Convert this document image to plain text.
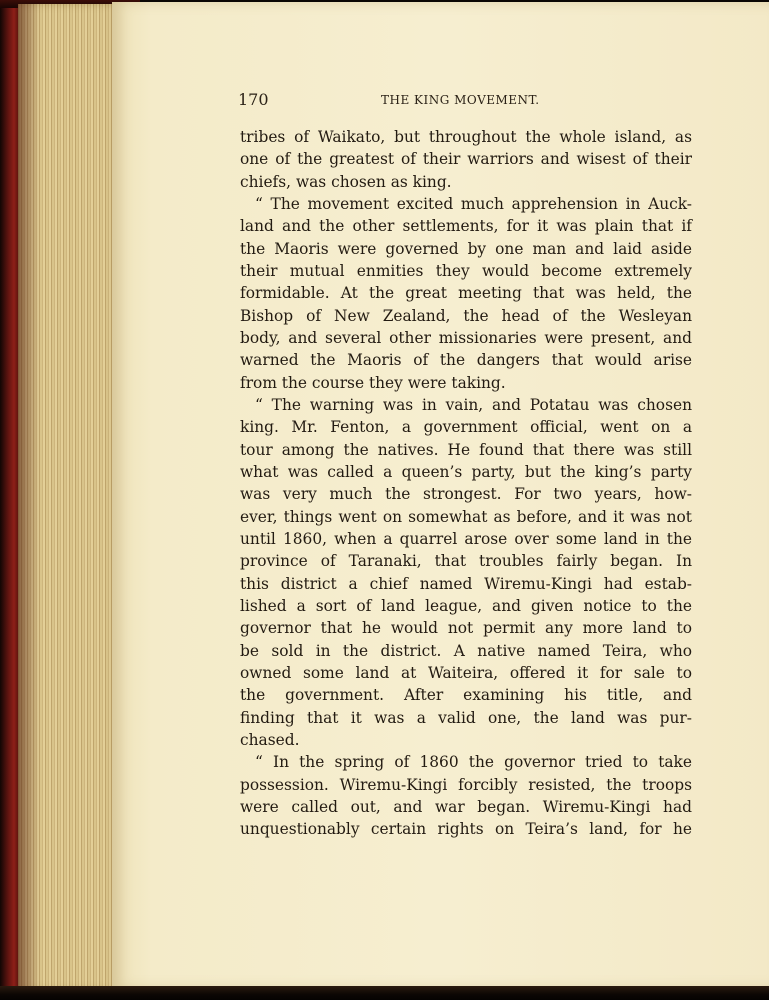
170	THE KING MOVEMENT.
tribes of Waikato, but throughout the whole island, as
one of the greatest of their warriors and wisest of their
chiefs, was chosen as king.
“ The movement excited much apprehension in Auck-
land and the other settlements, for it was plain that if
the Maoris were governed by one man and laid aside
their mutual enmities they would become extremely
formidable. At the great meeting that was held, the
Bishop of New Zealand, the head of the Wesleyan
body, and several other missionaries were present, and
warned the Maoris of the dangers that would arise
from the course they were taking.
“ The warning was in vain, and Potatau was chosen
king. Mr. Fenton, a government official, went on a
tour among the natives. He found that there was still
what was called a queen’s party, but the king’s party
was very much the strongest. For two years, how-
ever, things went on somewhat as before, and it was not
until 1860, when a quarrel arose over some land in the
province of Taranaki, that troubles fairly began. In
this district a chief named Wiremu-Kingi had estab-
lished a sort of land league, and given notice to the
governor that he would not permit any more land to
be sold in the district. A native named Teira, who
owned some land at Waiteira, offered it for sale to
the government. After examining his title, and
finding that it was a valid one, the land was pur-
chased.
“ In the spring of 1860 the governor tried to take
possession. Wiremu-Kingi forcibly resisted, the troops
were called out, and war began. Wiremu-Kingi had
unquestionably certain rights on Teira’s land, for he
